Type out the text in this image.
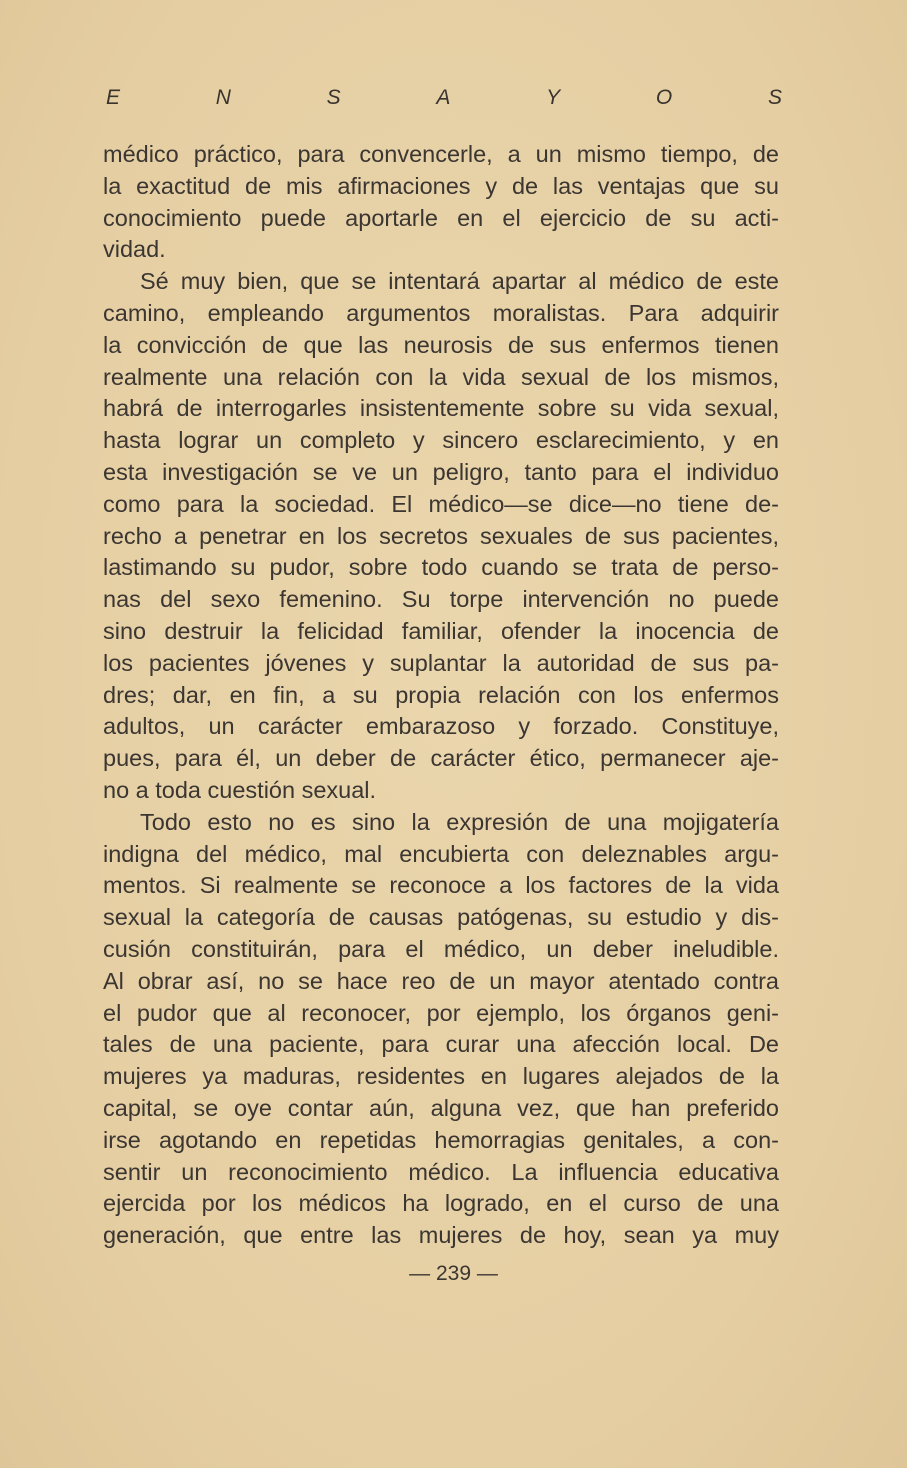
E	N	S	A	Y	O	S
médico práctico, para convencerle, a un mismo tiempo, de
la exactitud de mis afirmaciones y de las ventajas que su
conocimiento puede aportarle en el ejercicio de su acti-
vidad.
Sé muy bien, que se intentará apartar al médico de este
camino, empleando argumentos moralistas. Para adquirir
la convicción de que las neurosis de sus enfermos tienen
realmente una relación con la vida sexual de los mismos,
habrá de interrogarles insistentemente sobre su vida sexual,
hasta lograr un completo y sincero esclarecimiento, y en
esta investigación se ve un peligro, tanto para el individuo
como para la sociedad. El médico—se dice—no tiene de-
recho a penetrar en los secretos sexuales de sus pacientes,
lastimando su pudor, sobre todo cuando se trata de perso-
nas del sexo femenino. Su torpe intervención no puede
sino destruir la felicidad familiar, ofender la inocencia de
los pacientes jóvenes y suplantar la autoridad de sus pa-
dres; dar, en fin, a su propia relación con los enfermos
adultos, un carácter embarazoso y forzado. Constituye,
pues, para él, un deber de carácter ético, permanecer aje-
no a toda cuestión sexual.
Todo esto no es sino la expresión de una mojigatería
indigna del médico, mal encubierta con deleznables argu-
mentos. Si realmente se reconoce a los factores de la vida
sexual la categoría de causas patógenas, su estudio y dis-
cusión constituirán, para el médico, un deber ineludible.
Al obrar así, no se hace reo de un mayor atentado contra
el pudor que al reconocer, por ejemplo, los órganos geni-
tales de una paciente, para curar una afección local. De
mujeres ya maduras, residentes en lugares alejados de la
capital, se oye contar aún, alguna vez, que han preferido
irse agotando en repetidas hemorragias genitales, a con-
sentir un reconocimiento médico. La influencia educativa
ejercida por los médicos ha logrado, en el curso de una
generación, que entre las mujeres de hoy, sean ya muy
— 239 —
